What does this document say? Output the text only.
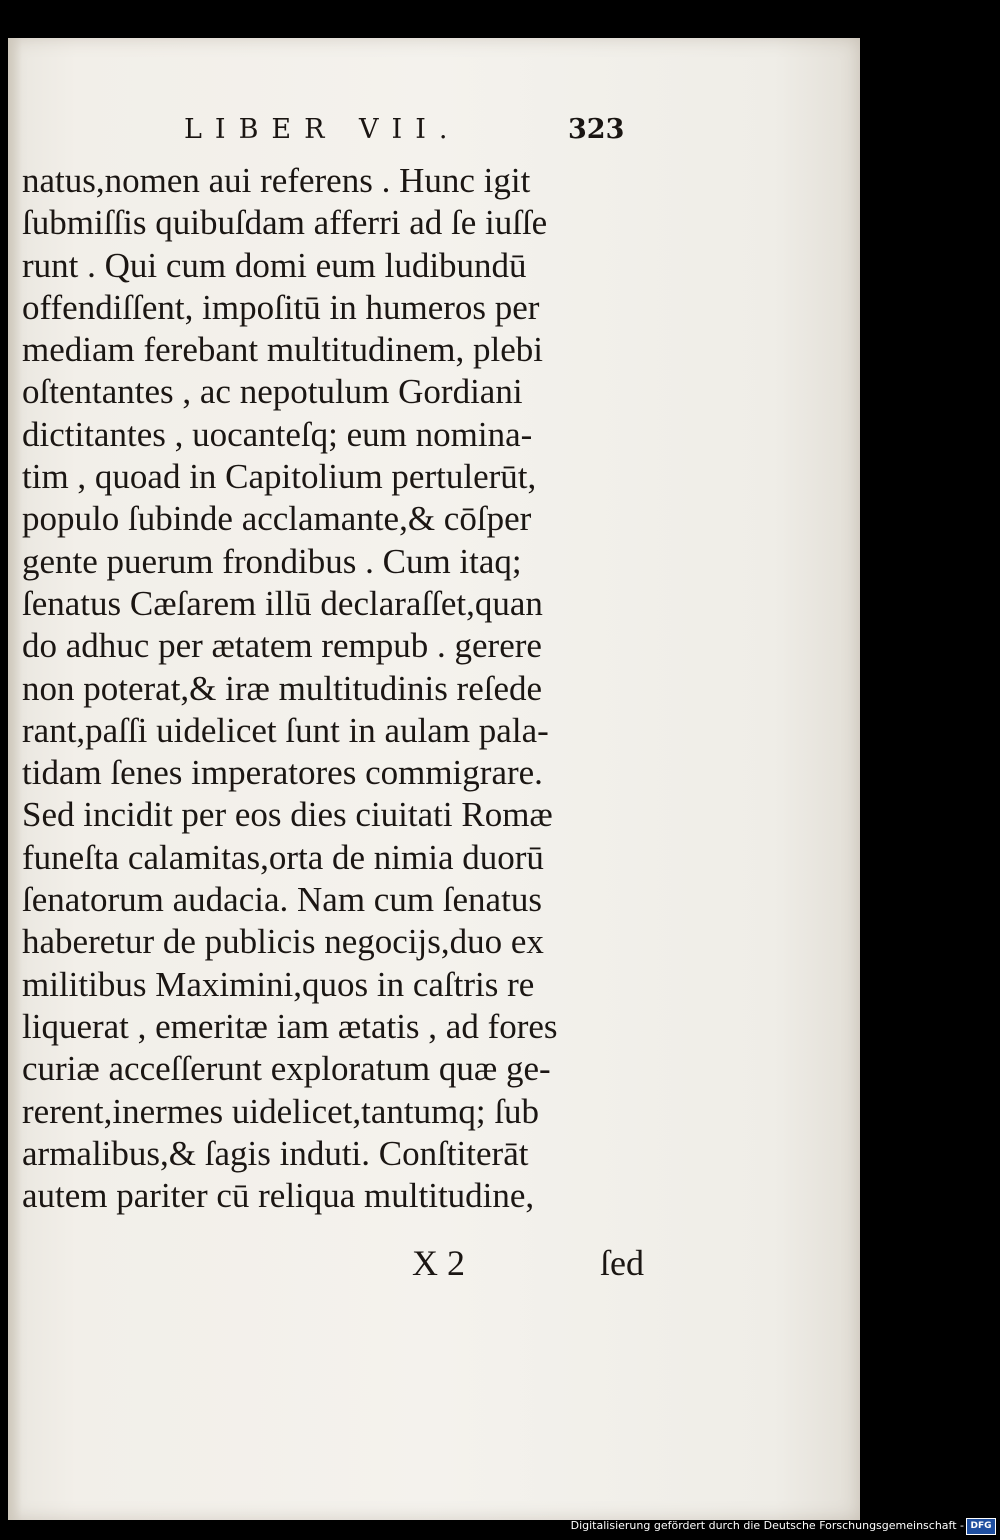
LIBER VII.	323
natus,nomen aui referens . Hunc igit
ſubmiſſis quibuſdam afferri ad ſe iuſſe
runt . Qui cum domi eum ludibundū
offendiſſent, impoſitū in humeros per
mediam ferebant multitudinem, plebi
oſtentantes , ac nepotulum Gordiani
dictitantes , uocanteſq; eum nomina-
tim , quoad in Capitolium pertulerūt,
populo ſubinde acclamante,& cōſper
gente puerum frondibus . Cum itaq;
ſenatus Cæſarem illū declaraſſet,quan
do adhuc per ætatem rempub . gerere
non poterat,& iræ multitudinis reſede
rant,paſſi uidelicet ſunt in aulam pala-
tidam ſenes imperatores commigrare.
Sed incidit per eos dies ciuitati Romæ
funeſta calamitas,orta de nimia duorū
ſenatorum audacia. Nam cum ſenatus
haberetur de publicis negocijs,duo ex
militibus Maximini,quos in caſtris re
liquerat , emeritæ iam ætatis , ad fores
curiæ acceſſerunt exploratum quæ ge-
rerent,inermes uidelicet,tantumq; ſub
armalibus,& ſagis induti. Conſtiterāt
autem pariter cū reliqua multitudine,
X 2	ſed
Digitalisierung gefördert durch die Deutsche Forschungsgemeinschaft - DFG
